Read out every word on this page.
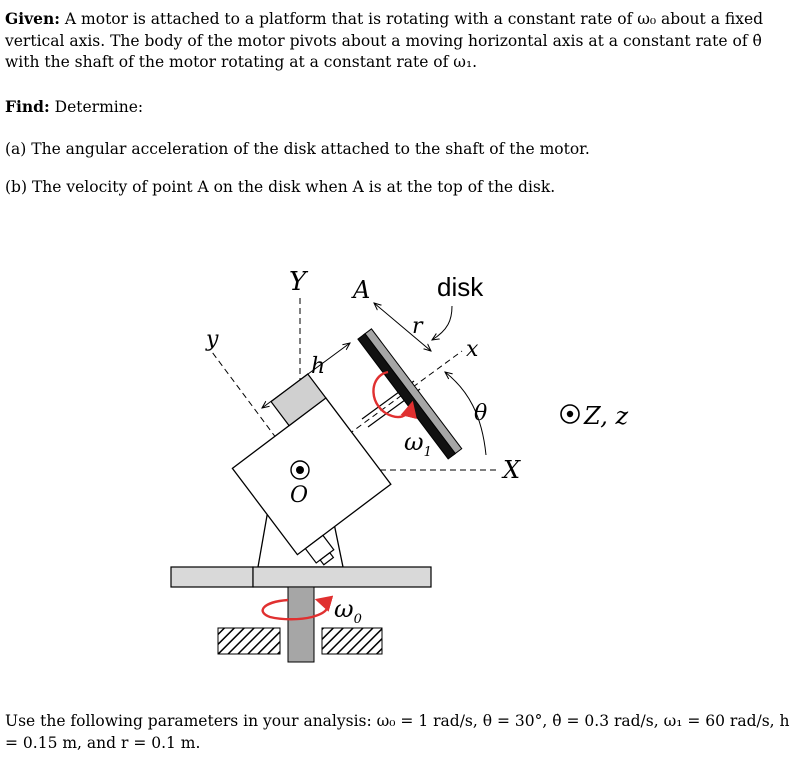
Given: A motor is attached to a platform that is rotating with a constant rate of ω₀ about a fixed vertical axis. The body of the motor pivots about a moving horizontal axis at a constant rate of θ̇ with the shaft of the motor rotating at a constant rate of ω₁.
Find: Determine:
(a) The angular acceleration of the disk attached to the shaft of the motor.
(b) The velocity of point A on the disk when A is at the top of the disk.
Y A	disk
r
x
y
h
θ
$\omega_1$
Z, z
X
O
$\omega_0$
Use the following parameters in your analysis: ω₀ = 1 rad/s, θ = 30°, θ̇ = 0.3 rad/s, ω₁ = 60 rad/s, h = 0.15 m, and r = 0.1 m.
